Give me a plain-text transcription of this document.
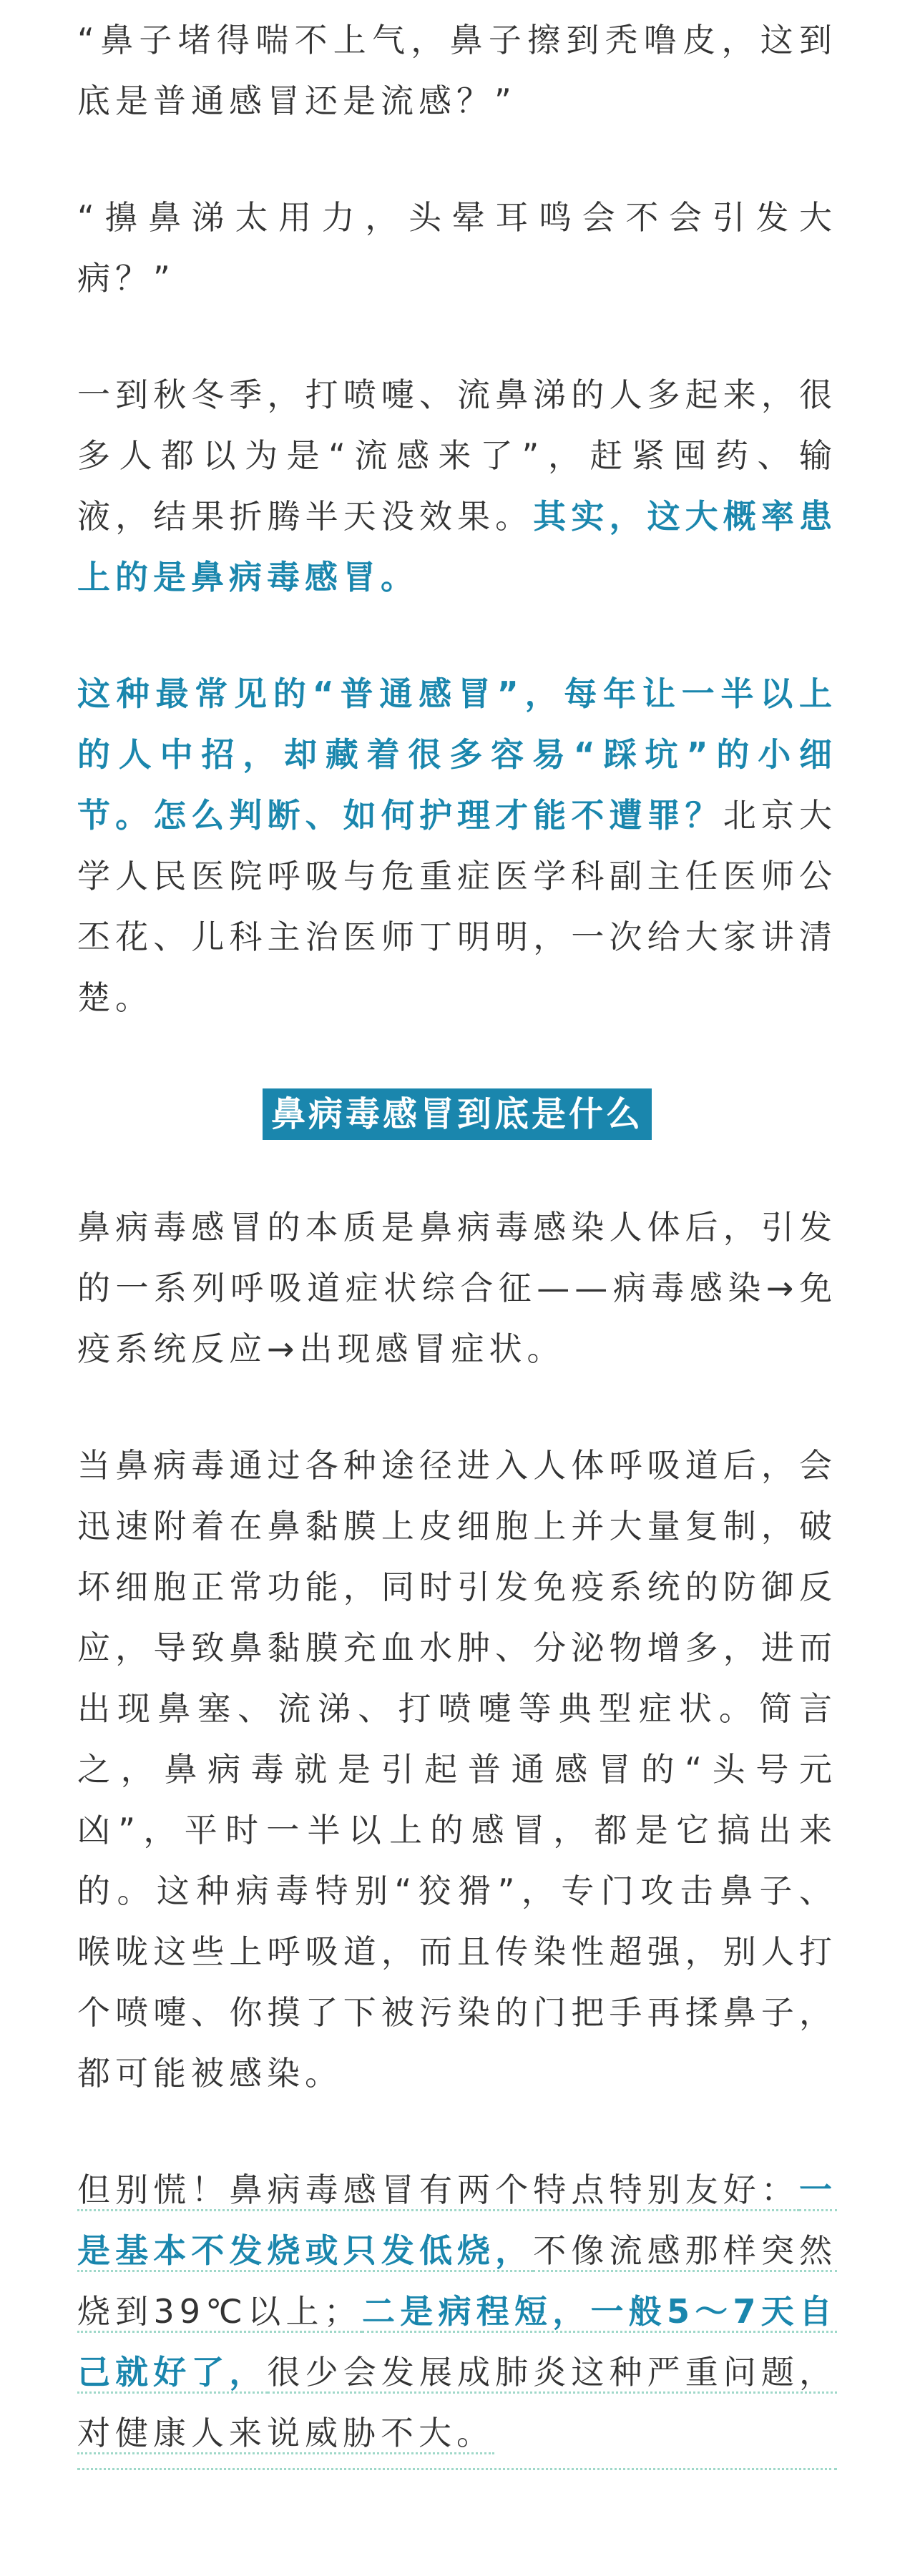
“鼻子堵得喘不上气，鼻子擦到秃噜皮，这到底是普通感冒还是流感？”

“擤鼻涕太用力，头晕耳鸣会不会引发大病？”

一到秋冬季，打喷嚏、流鼻涕的人多起来，很多人都以为是“流感来了”，赶紧囤药、输液，结果折腾半天没效果。其实，这大概率患上的是鼻病毒感冒。

这种最常见的“普通感冒”，每年让一半以上的人中招，却藏着很多容易“踩坑”的小细节。怎么判断、如何护理才能不遭罪？北京大学人民医院呼吸与危重症医学科副主任医师公丕花、儿科主治医师丁明明，一次给大家讲清楚。

鼻病毒感冒到底是什么

鼻病毒感冒的本质是鼻病毒感染人体后，引发的一系列呼吸道症状综合征——病毒感染→免疫系统反应→出现感冒症状。

当鼻病毒通过各种途径进入人体呼吸道后，会迅速附着在鼻黏膜上皮细胞上并大量复制，破坏细胞正常功能，同时引发免疫系统的防御反应，导致鼻黏膜充血水肿、分泌物增多，进而出现鼻塞、流涕、打喷嚏等典型症状。简言之，鼻病毒就是引起普通感冒的“头号元凶”，平时一半以上的感冒，都是它搞出来的。这种病毒特别“狡猾”，专门攻击鼻子、喉咙这些上呼吸道，而且传染性超强，别人打个喷嚏、你摸了下被污染的门把手再揉鼻子，都可能被感染。

但别慌！鼻病毒感冒有两个特点特别友好：一是基本不发烧或只发低烧，不像流感那样突然烧到39℃以上；二是病程短，一般5～7天自己就好了，很少会发展成肺炎这种严重问题，对健康人来说威胁不大。
